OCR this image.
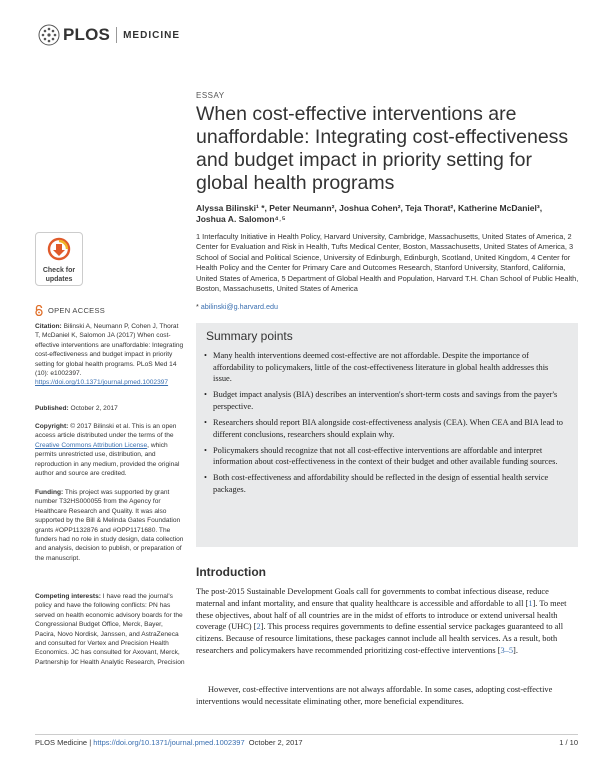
PLOS MEDICINE
ESSAY
When cost-effective interventions are unaffordable: Integrating cost-effectiveness and budget impact in priority setting for global health programs
Alyssa Bilinski¹ *, Peter Neumann², Joshua Cohen², Teja Thorat², Katherine McDaniel³,
Joshua A. Salomon⁴˒⁵
1 Interfaculty Initiative in Health Policy, Harvard University, Cambridge, Massachusetts, United States of America, 2 Center for Evaluation and Risk in Health, Tufts Medical Center, Boston, Massachusetts, United States of America, 3 School of Social and Political Science, University of Edinburgh, Edinburgh, Scotland, United Kingdom, 4 Center for Health Policy and the Center for Primary Care and Outcomes Research, Stanford University, Stanford, California, United States of America, 5 Department of Global Health and Population, Harvard T.H. Chan School of Public Health, Boston, Massachusetts, United States of America
* abilinski@g.harvard.edu
Check for
updates
OPEN ACCESS
Citation: Bilinski A, Neumann P, Cohen J, Thorat T, McDaniel K, Salomon JA (2017) When cost-effective interventions are unaffordable: Integrating cost-effectiveness and budget impact in priority setting for global health programs. PLoS Med 14 (10): e1002397. https://doi.org/10.1371/journal.pmed.1002397
Published: October 2, 2017
Copyright: © 2017 Bilinski et al. This is an open access article distributed under the terms of the Creative Commons Attribution License, which permits unrestricted use, distribution, and reproduction in any medium, provided the original author and source are credited.
Funding: This project was supported by grant number T32HS000055 from the Agency for Healthcare Research and Quality. It was also supported by the Bill & Melinda Gates Foundation grants #OPP1132876 and #OPP1171680. The funders had no role in study design, data collection and analysis, decision to publish, or preparation of the manuscript.
Competing interests: I have read the journal's policy and have the following conflicts: PN has served on health economic advisory boards for the Congressional Budget Office, Merck, Bayer, Pacira, Novo Nordisk, Janssen, and AstraZeneca and consulted for Vertex and Precision Health Economics. JC has consulted for Axovant, Merck, Partnership for Health Analytic Research, Precision
Summary points
• Many health interventions deemed cost-effective are not affordable. Despite the importance of affordability to policymakers, little of the cost-effectiveness literature in global health addresses this issue.
• Budget impact analysis (BIA) describes an intervention's short-term costs and savings from the payer's perspective.
• Researchers should report BIA alongside cost-effectiveness analysis (CEA). When CEA and BIA lead to different conclusions, researchers should explain why.
• Policymakers should recognize that not all cost-effective interventions are affordable and interpret information about cost-effectiveness in the context of their budget and other available funding sources.
• Both cost-effectiveness and affordability should be reflected in the design of essential health service packages.
Introduction
The post-2015 Sustainable Development Goals call for governments to combat infectious disease, reduce maternal and infant mortality, and ensure that quality healthcare is accessible and affordable to all [1]. To meet these objectives, about half of all countries are in the midst of efforts to introduce or extend universal health coverage (UHC) [2]. This process requires governments to define essential service packages guaranteed to all citizens. Because of resource limitations, these packages cannot include all health services. As a result, both researchers and policymakers have recommended prioritizing cost-effective interventions [3–5].
However, cost-effective interventions are not always affordable. In some cases, adopting cost-effective interventions would necessitate eliminating other, more beneficial expenditures.
PLOS Medicine | https://doi.org/10.1371/journal.pmed.1002397 October 2, 2017	1 / 10
